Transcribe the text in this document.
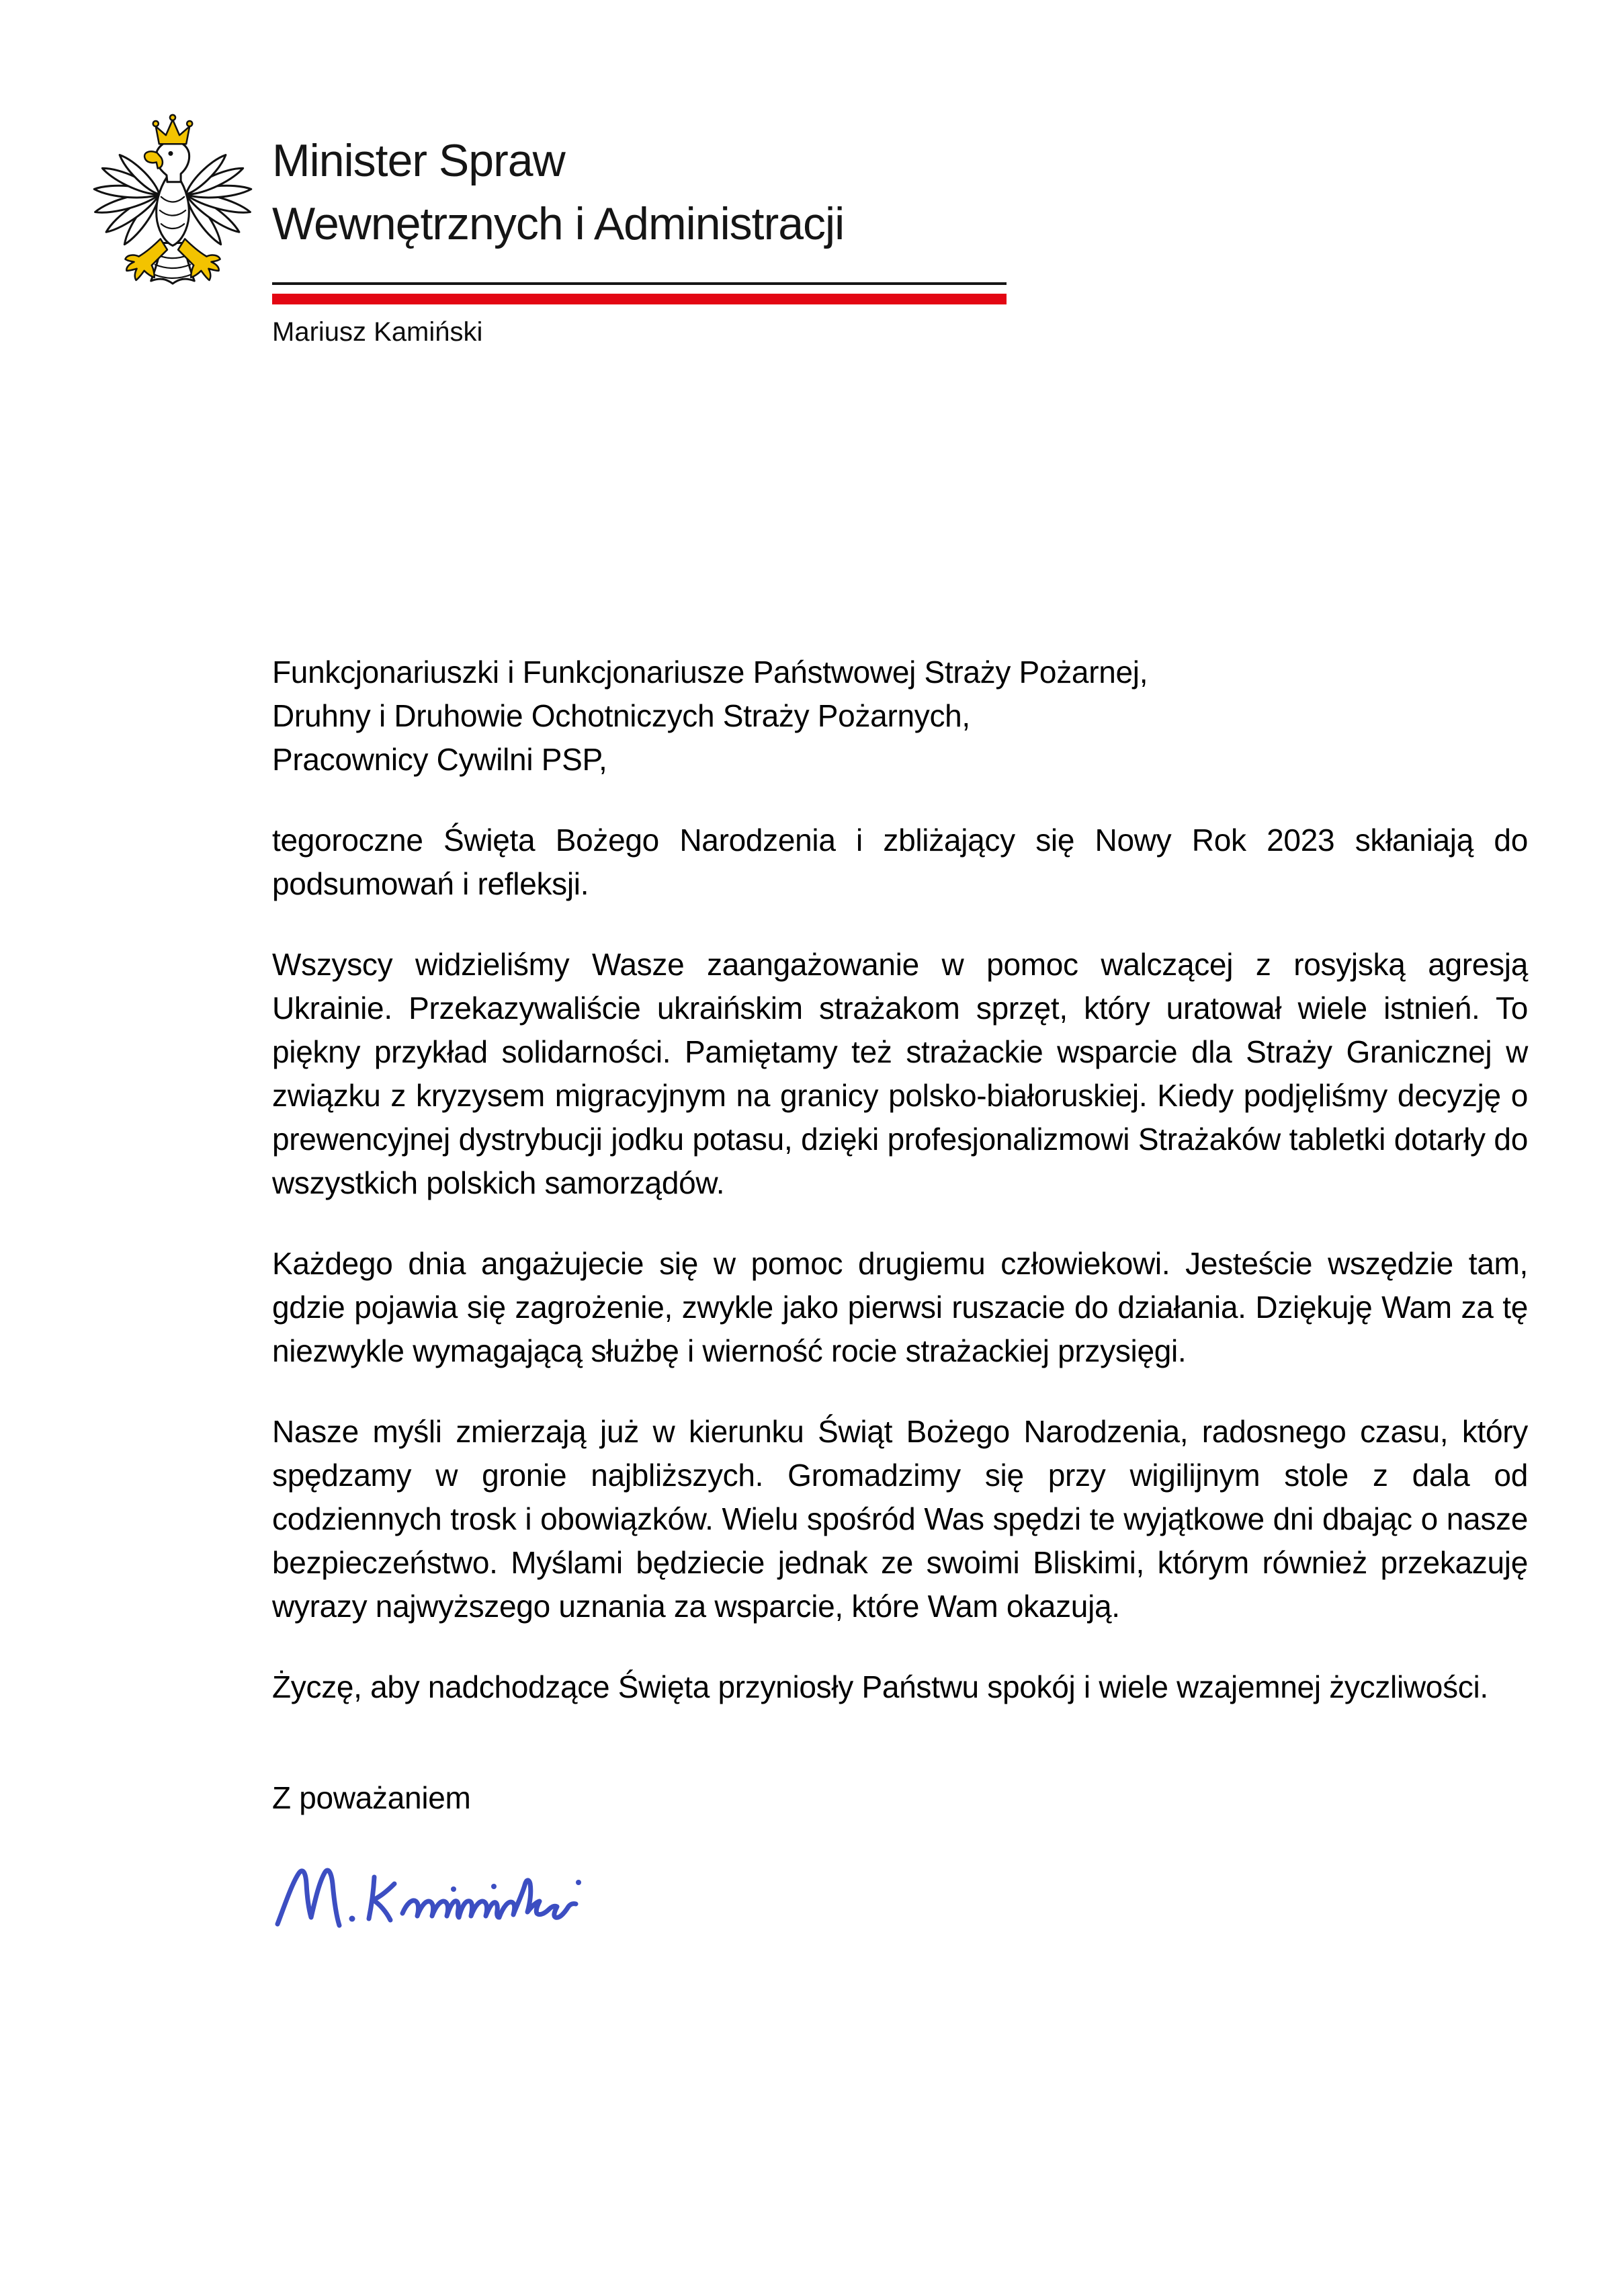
Minister Spraw
Wewnętrznych i Administracji
Mariusz Kamiński

Funkcjonariuszki i Funkcjonariusze Państwowej Straży Pożarnej,
Druhny i Druhowie Ochotniczych Straży Pożarnych,
Pracownicy Cywilni PSP,

tegoroczne Święta Bożego Narodzenia i zbliżający się Nowy Rok 2023 skłaniają do podsumowań i refleksji.

Wszyscy widzieliśmy Wasze zaangażowanie w pomoc walczącej z rosyjską agresją Ukrainie. Przekazywaliście ukraińskim strażakom sprzęt, który uratował wiele istnień. To piękny przykład solidarności. Pamiętamy też strażackie wsparcie dla Straży Granicznej w związku z kryzysem migracyjnym na granicy polsko-białoruskiej. Kiedy podjęliśmy decyzję o prewencyjnej dystrybucji jodku potasu, dzięki profesjonalizmowi Strażaków tabletki dotarły do wszystkich polskich samorządów.

Każdego dnia angażujecie się w pomoc drugiemu człowiekowi. Jesteście wszędzie tam, gdzie pojawia się zagrożenie, zwykle jako pierwsi ruszacie do działania. Dziękuję Wam za tę niezwykle wymagającą służbę i wierność rocie strażackiej przysięgi.

Nasze myśli zmierzają już w kierunku Świąt Bożego Narodzenia, radosnego czasu, który spędzamy w gronie najbliższych. Gromadzimy się przy wigilijnym stole z dala od codziennych trosk i obowiązków. Wielu spośród Was spędzi te wyjątkowe dni dbając o nasze bezpieczeństwo. Myślami będziecie jednak ze swoimi Bliskimi, którym również przekazuję wyrazy najwyższego uznania za wsparcie, które Wam okazują.

Życzę, aby nadchodzące Święta przyniosły Państwu spokój i wiele wzajemnej życzliwości.

Z poważaniem
